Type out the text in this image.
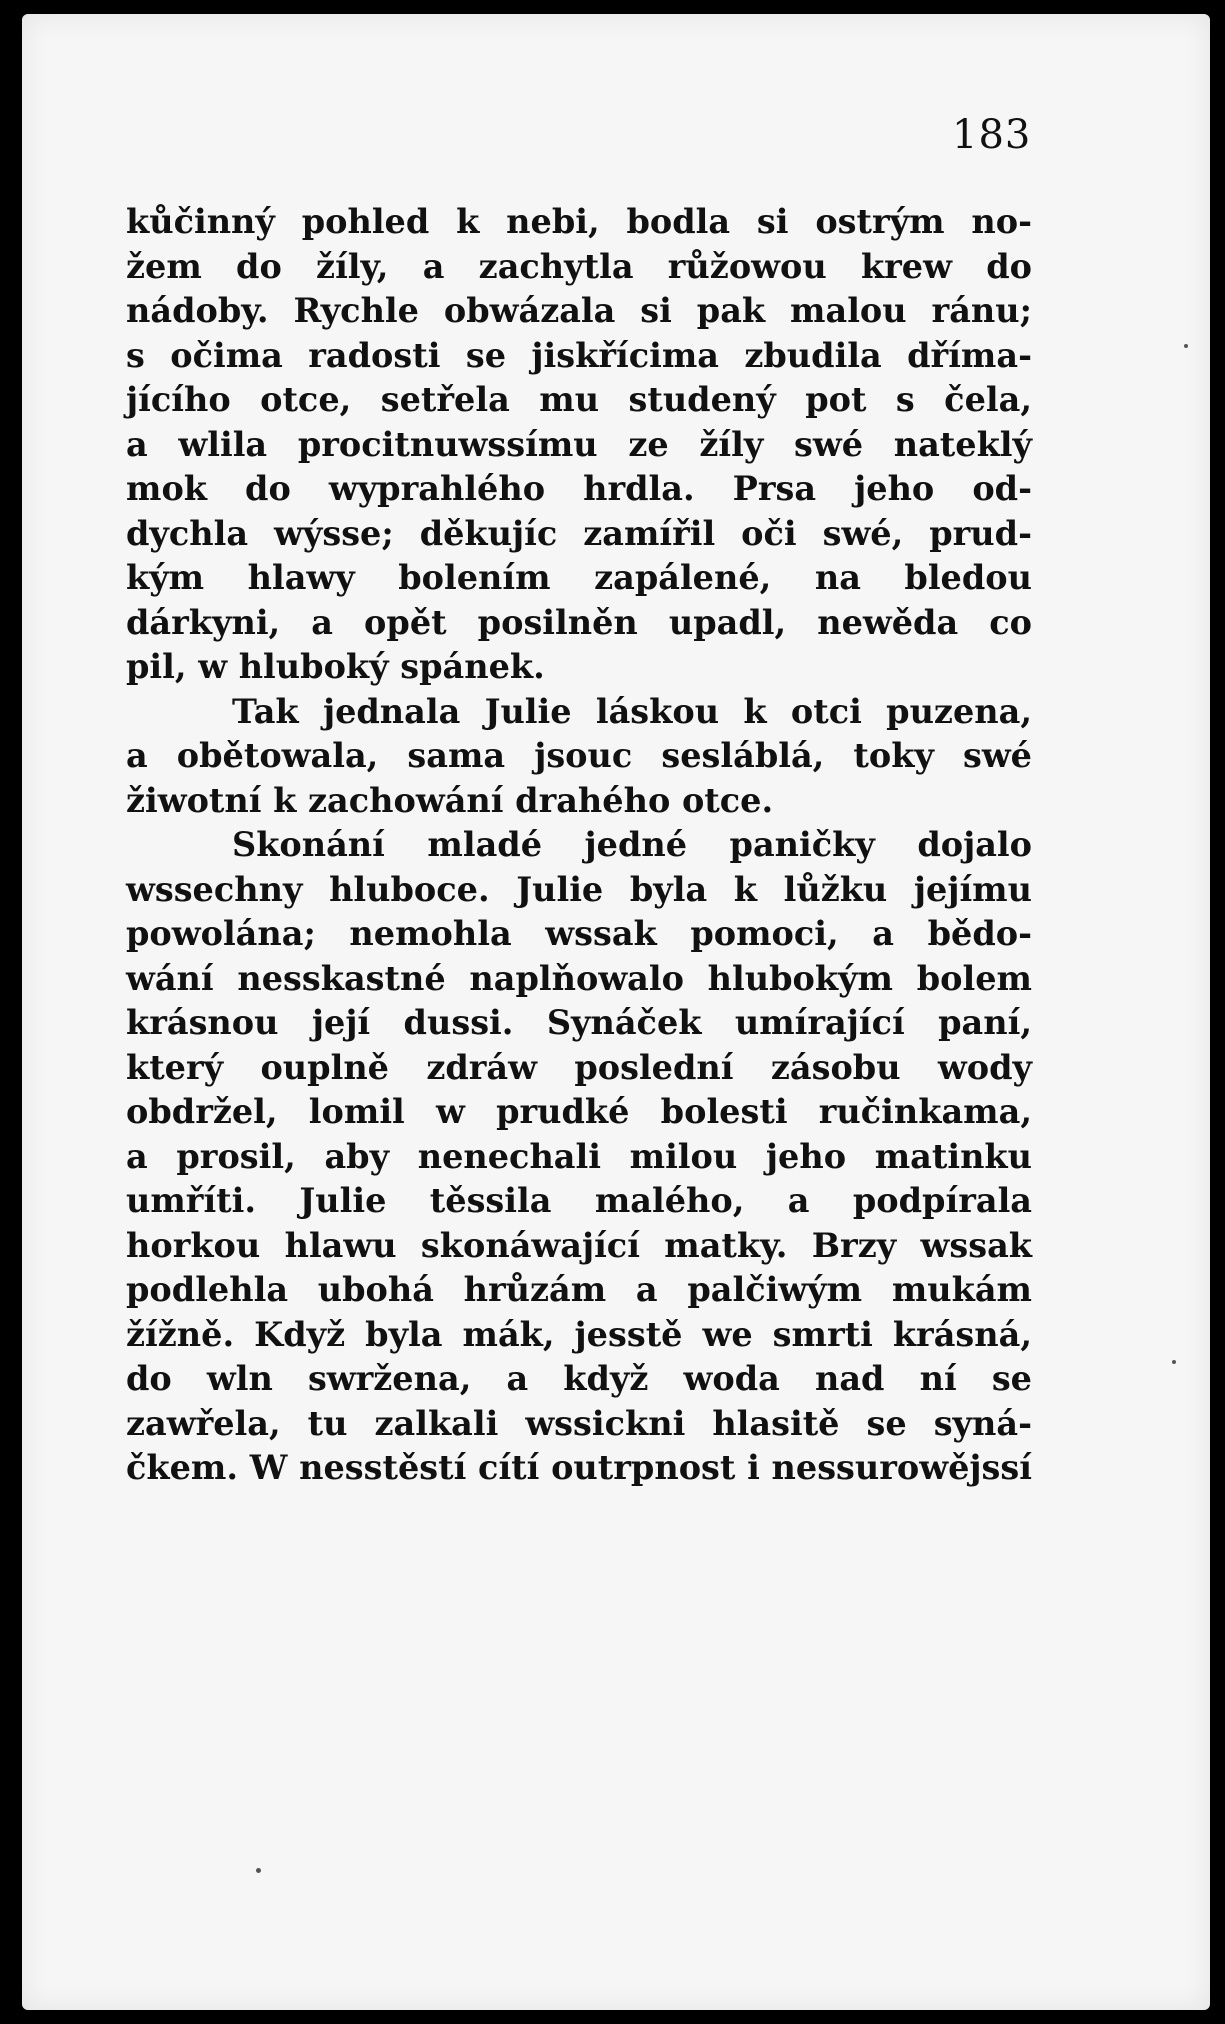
183
kůčinný pohled k nebi, bodla si ostrým no-
žem do žíly, a zachytla růžowou krew do
nádoby. Rychle obwázala si pak malou ránu;
s očima radosti se jiskřícima zbudila dříma-
jícího otce, setřela mu studený pot s čela,
a wlila procitnuwssímu ze žíly swé nateklý
mok do wyprahlého hrdla. Prsa jeho od-
dychla wýsse; děkujíc zamířil oči swé, prud-
kým hlawy bolením zapálené, na bledou
dárkyni, a opět posilněn upadl, newěda co
pil, w hluboký spánek.
Tak jednala Julie láskou k otci puzena,
a obětowala, sama jsouc sesláblá, toky swé
žiwotní k zachowání drahého otce.
Skonání mladé jedné paničky dojalo
wssechny hluboce. Julie byla k lůžku jejímu
powolána; nemohla wssak pomoci, a bědo-
wání nesskastné naplňowalo hlubokým bolem
krásnou její dussi. Synáček umírající paní,
který ouplně zdráw poslední zásobu wody
obdržel, lomil w prudké bolesti ručinkama,
a prosil, aby nenechali milou jeho matinku
umříti. Julie těssila malého, a podpírala
horkou hlawu skonáwající matky. Brzy wssak
podlehla ubohá hrůzám a palčiwým mukám
žížně. Když byla mák, jesstě we smrti krásná,
do wln swržena, a když woda nad ní se
zawřela, tu zalkali wssickni hlasitě se syná-
čkem. W nesstěstí cítí outrpnost i nessurowějssí
